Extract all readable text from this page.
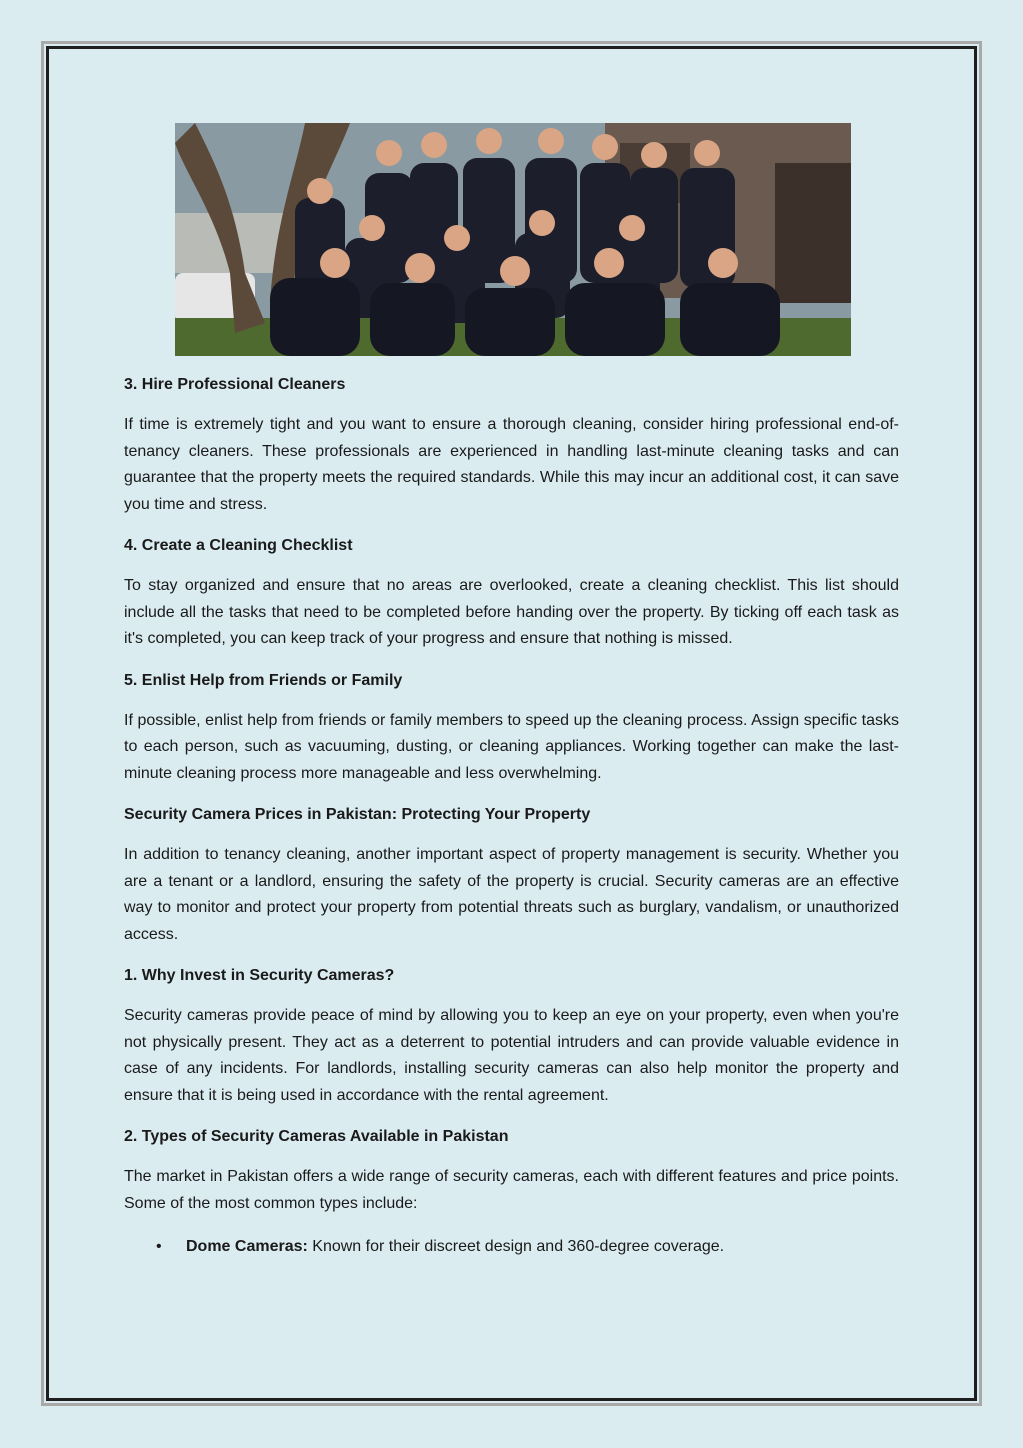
3. Hire Professional Cleaners

If time is extremely tight and you want to ensure a thorough cleaning, consider hiring professional end-of-tenancy cleaners. These professionals are experienced in handling last-minute cleaning tasks and can guarantee that the property meets the required standards. While this may incur an additional cost, it can save you time and stress.

4. Create a Cleaning Checklist

To stay organized and ensure that no areas are overlooked, create a cleaning checklist. This list should include all the tasks that need to be completed before handing over the property. By ticking off each task as it's completed, you can keep track of your progress and ensure that nothing is missed.

5. Enlist Help from Friends or Family

If possible, enlist help from friends or family members to speed up the cleaning process. Assign specific tasks to each person, such as vacuuming, dusting, or cleaning appliances. Working together can make the last-minute cleaning process more manageable and less overwhelming.

Security Camera Prices in Pakistan: Protecting Your Property

In addition to tenancy cleaning, another important aspect of property management is security. Whether you are a tenant or a landlord, ensuring the safety of the property is crucial. Security cameras are an effective way to monitor and protect your property from potential threats such as burglary, vandalism, or unauthorized access.

1. Why Invest in Security Cameras?

Security cameras provide peace of mind by allowing you to keep an eye on your property, even when you're not physically present. They act as a deterrent to potential intruders and can provide valuable evidence in case of any incidents. For landlords, installing security cameras can also help monitor the property and ensure that it is being used in accordance with the rental agreement.

2. Types of Security Cameras Available in Pakistan

The market in Pakistan offers a wide range of security cameras, each with different features and price points. Some of the most common types include:

• Dome Cameras: Known for their discreet design and 360-degree coverage.
